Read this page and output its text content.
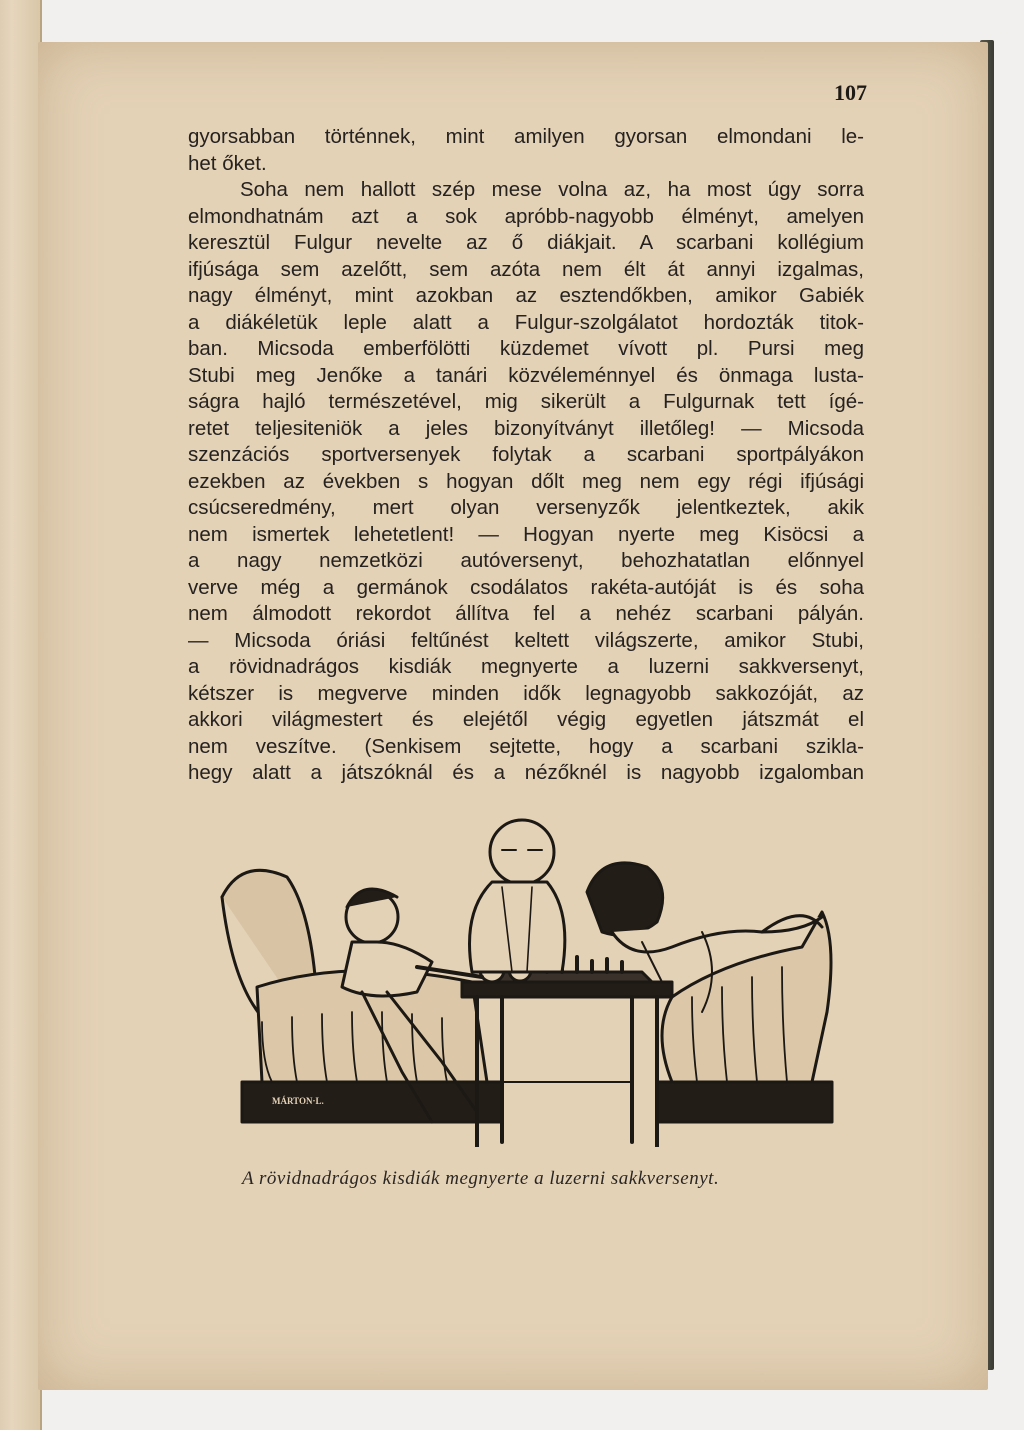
107
gyorsabban történnek, mint amilyen gyorsan elmondani le-
het őket.
Soha nem hallott szép mese volna az, ha most úgy sorra
elmondhatnám azt a sok apróbb-nagyobb élményt, amelyen
keresztül Fulgur nevelte az ő diákjait. A scarbani kollégium
ifjúsága sem azelőtt, sem azóta nem élt át annyi izgalmas,
nagy élményt, mint azokban az esztendőkben, amikor Gabiék
a diákéletük leple alatt a Fulgur-szolgálatot hordozták titok-
ban. Micsoda emberfölötti küzdemet vívott pl. Pursi meg
Stubi meg Jenőke a tanári közvéleménnyel és önmaga lusta-
ságra hajló természetével, mig sikerült a Fulgurnak tett ígé-
retet teljesiteniök a jeles bizonyítványt illetőleg! — Micsoda
szenzációs sportversenyek folytak a scarbani sportpályákon
ezekben az években s hogyan dőlt meg nem egy régi ifjúsági
csúcseredmény, mert olyan versenyzők jelentkeztek, akik
nem ismertek lehetetlent! — Hogyan nyerte meg Kisöcsi a
a nagy nemzetközi autóversenyt, behozhatatlan előnnyel
verve még a germánok csodálatos rakéta-autóját is és soha
nem álmodott rekordot állítva fel a nehéz scarbani pályán.
— Micsoda óriási feltűnést keltett világszerte, amikor Stubi,
a rövidnadrágos kisdiák megnyerte a luzerni sakkversenyt,
kétszer is megverve minden idők legnagyobb sakkozóját, az
akkori világmestert és elejétől végig egyetlen játszmát el
nem veszítve. (Senkisem sejtette, hogy a scarbani szikla-
hegy alatt a játszóknál és a nézőknél is nagyobb izgalomban
MÁRTON·L.
A rövidnadrágos kisdiák megnyerte a luzerni sakkversenyt.
